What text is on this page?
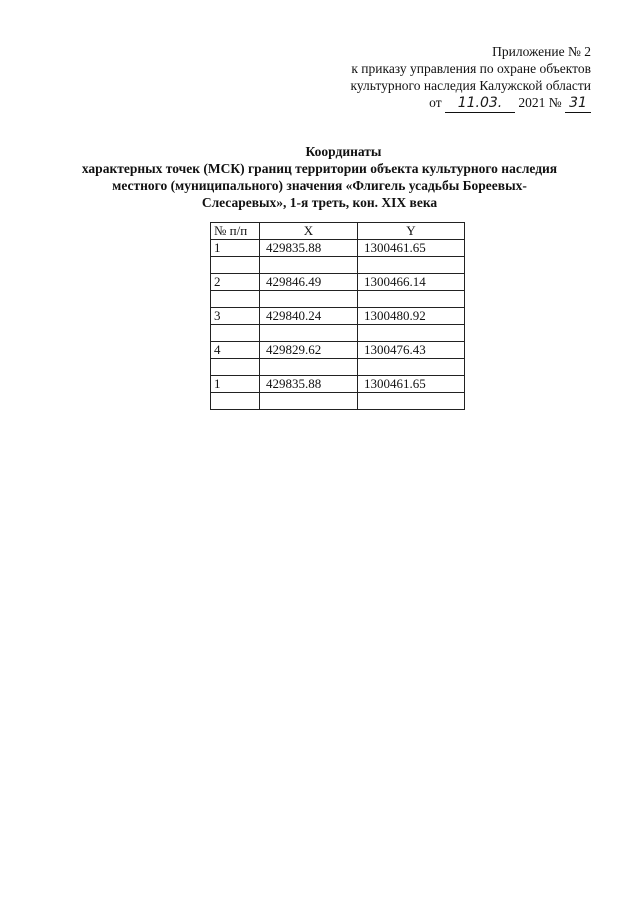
Приложение № 2
к приказу управления по охране объектов
культурного наследия Калужской области
от 11.03. 2021 № 31
Координаты
характерных точек (МСК) границ территории объекта культурного наследия
местного (муниципального) значения «Флигель усадьбы Бореевых-
Слесаревых», 1-я треть, кон. XIX века
№ п/п	X	Y
1	429835.88	1300461.65

2	429846.49	1300466.14

3	429840.24	1300480.92

4	429829.62	1300476.43

1	429835.88	1300461.65
